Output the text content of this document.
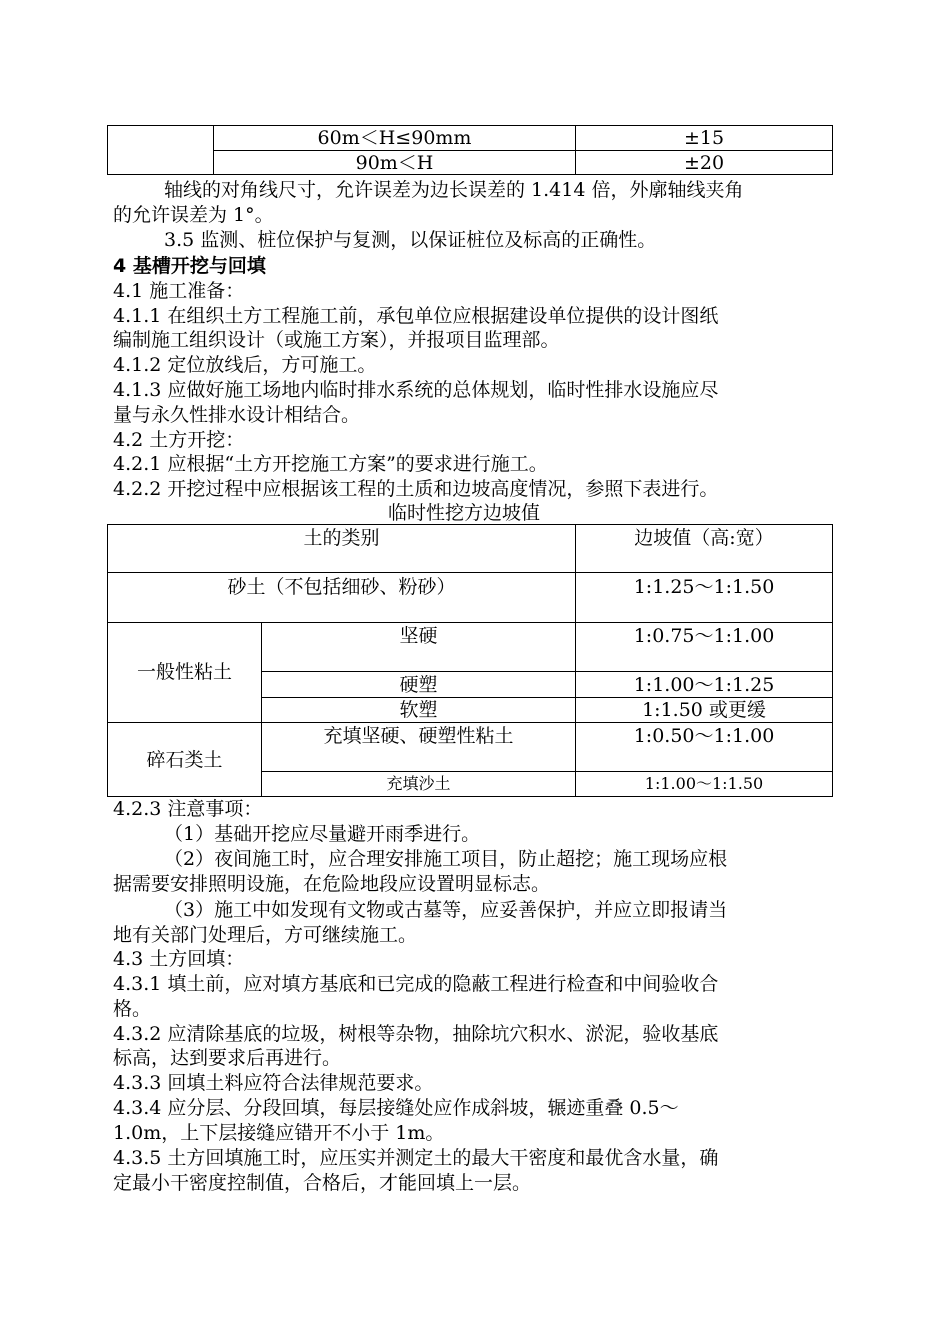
60m＜H≤90mm	±15
90m＜H	±20
轴线的对角线尺寸，允许误差为边长误差的 1.414 倍，外廓轴线夹角
的允许误差为 1°。
3.5 监测、桩位保护与复测，以保证桩位及标高的正确性。
4 基槽开挖与回填
4.1 施工准备：
4.1.1 在组织土方工程施工前，承包单位应根据建设单位提供的设计图纸
编制施工组织设计（或施工方案），并报项目监理部。
4.1.2 定位放线后，方可施工。
4.1.3 应做好施工场地内临时排水系统的总体规划，临时性排水设施应尽
量与永久性排水设计相结合。
4.2 土方开挖：
4.2.1 应根据“土方开挖施工方案”的要求进行施工。
4.2.2 开挖过程中应根据该工程的土质和边坡高度情况，参照下表进行。
临时性挖方边坡值
土的类别	边坡值（高:宽）
砂土（不包括细砂、粉砂）	1:1.25～1:1.50
一般性粘土
坚硬	1:0.75～1:1.00
硬塑	1:1.00～1:1.25
软塑	1:1.50 或更缓
碎石类土
充填坚硬、硬塑性粘土	1:0.50～1:1.00
充填沙土	1:1.00～1:1.50
4.2.3 注意事项：
（1）基础开挖应尽量避开雨季进行。
（2）夜间施工时，应合理安排施工项目，防止超挖；施工现场应根
据需要安排照明设施，在危险地段应设置明显标志。
（3）施工中如发现有文物或古墓等，应妥善保护，并应立即报请当
地有关部门处理后，方可继续施工。
4.3 土方回填：
4.3.1 填土前，应对填方基底和已完成的隐蔽工程进行检查和中间验收合
格。
4.3.2 应清除基底的垃圾，树根等杂物，抽除坑穴积水、淤泥，验收基底
标高，达到要求后再进行。
4.3.3 回填土料应符合法律规范要求。
4.3.4 应分层、分段回填，每层接缝处应作成斜坡，辗迹重叠 0.5～
1.0m，上下层接缝应错开不小于 1m。
4.3.5 土方回填施工时，应压实并测定土的最大干密度和最优含水量，确
定最小干密度控制值，合格后，才能回填上一层。
